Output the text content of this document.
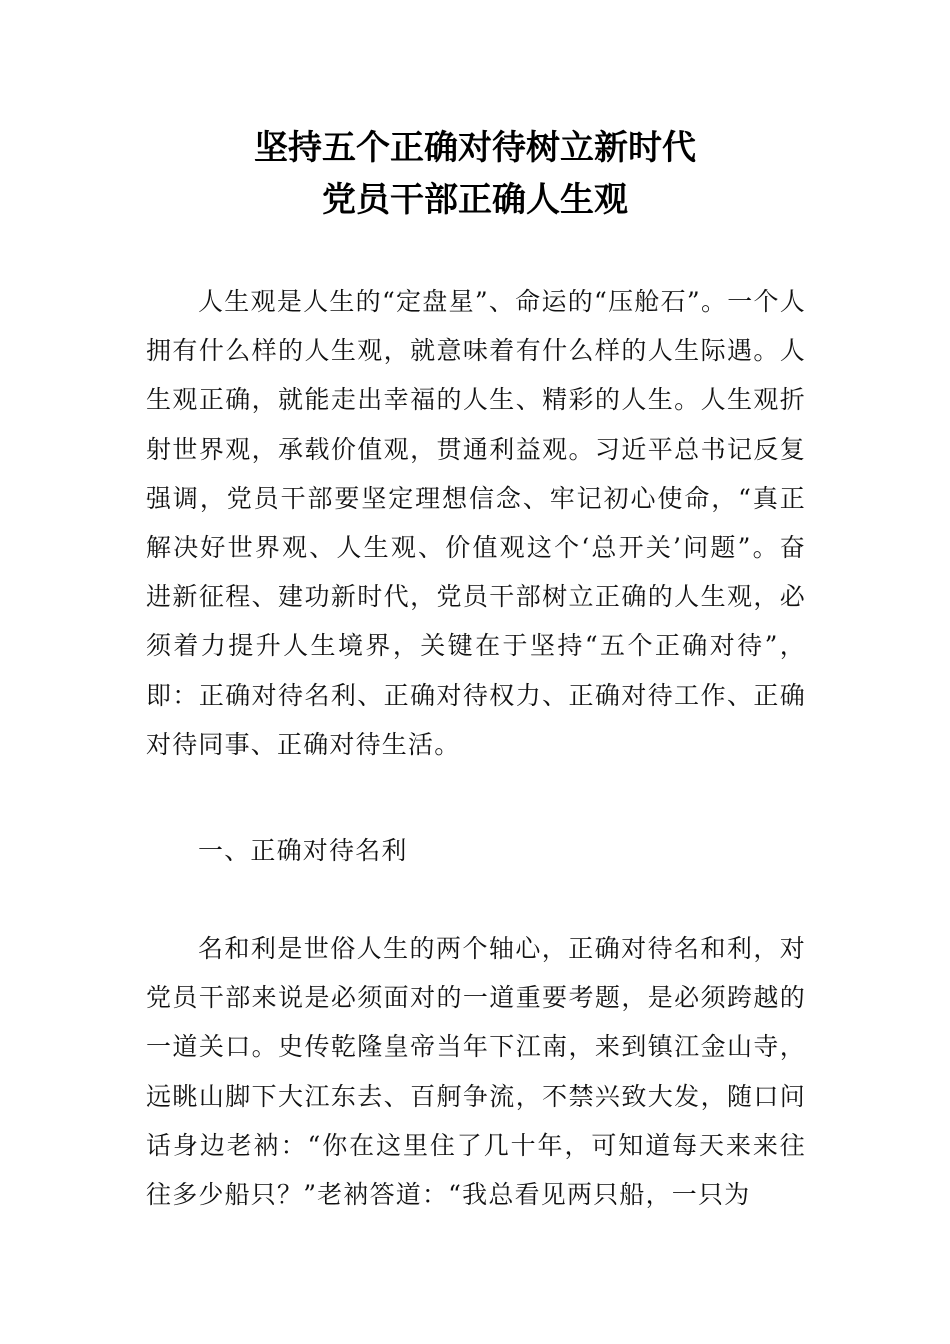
坚持五个正确对待树立新时代
党员干部正确人生观

人生观是人生的“定盘星”、命运的“压舱石”。一个人拥有什么样的人生观，就意味着有什么样的人生际遇。人生观正确，就能走出幸福的人生、精彩的人生。人生观折射世界观，承载价值观，贯通利益观。习近平总书记反复强调，党员干部要坚定理想信念、牢记初心使命，“真正解决好世界观、人生观、价值观这个‘总开关’问题”。奋进新征程、建功新时代，党员干部树立正确的人生观，必须着力提升人生境界，关键在于坚持“五个正确对待”，即：正确对待名利、正确对待权力、正确对待工作、正确对待同事、正确对待生活。

一、正确对待名利

名和利是世俗人生的两个轴心，正确对待名和利，对党员干部来说是必须面对的一道重要考题，是必须跨越的一道关口。史传乾隆皇帝当年下江南，来到镇江金山寺，远眺山脚下大江东去、百舸争流，不禁兴致大发，随口问话身边老衲：“你在这里住了几十年，可知道每天来来往往多少船只？”老衲答道：“我总看见两只船，一只为
